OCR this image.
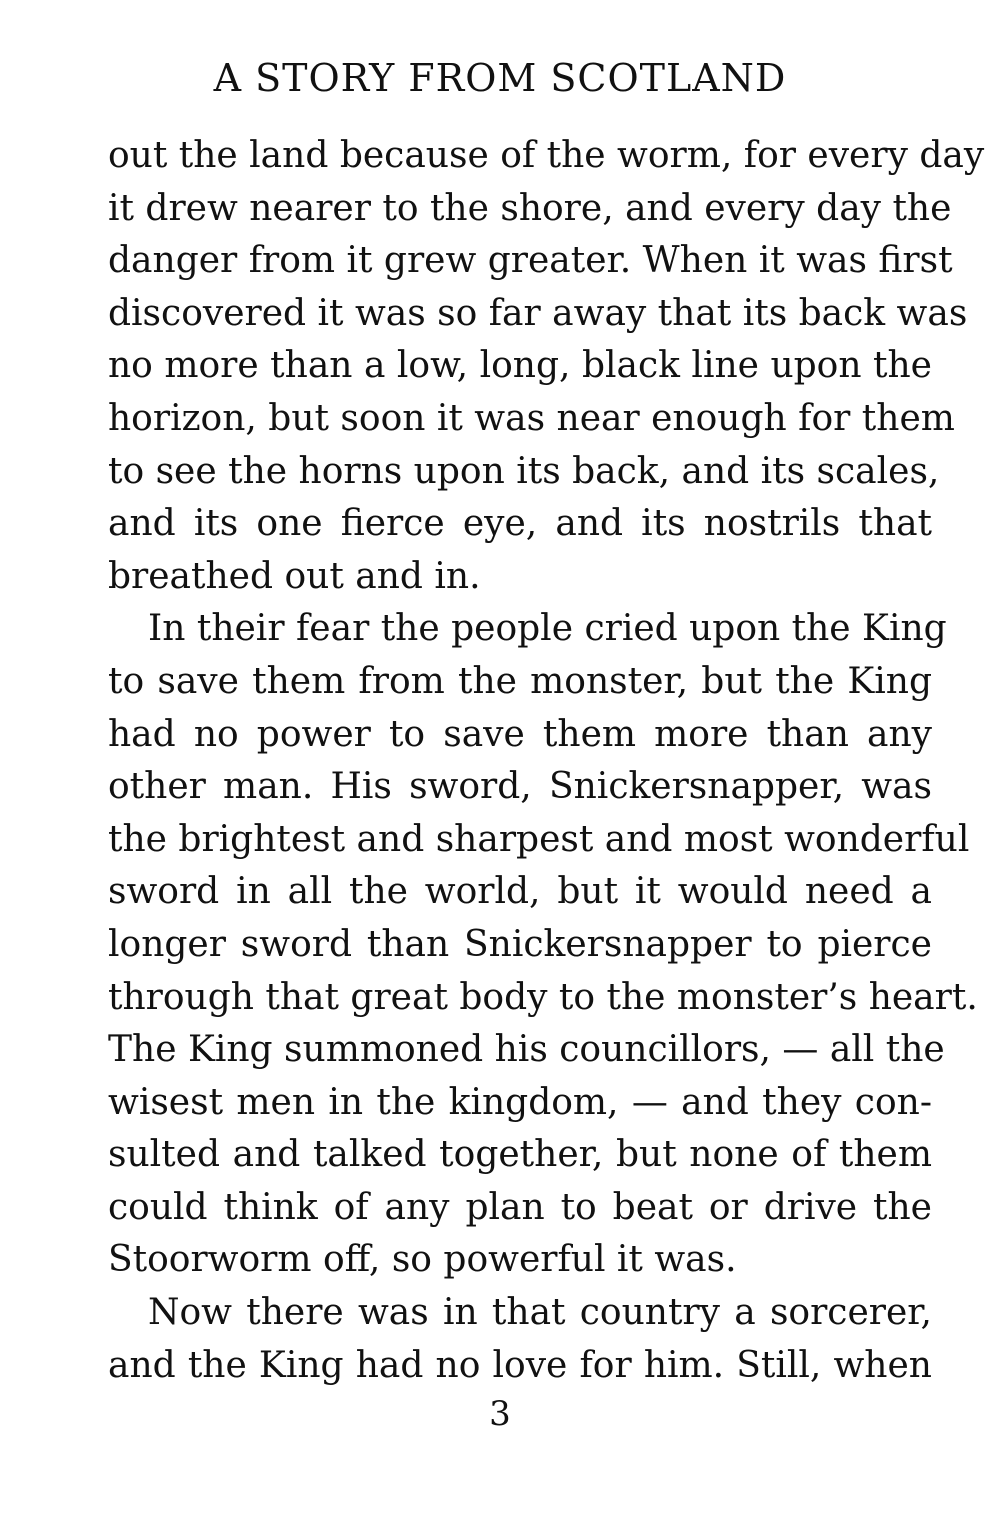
A STORY FROM SCOTLAND
out the land because of the worm, for every day
it drew nearer to the shore, and every day the
danger from it grew greater. When it was first
discovered it was so far away that its back was
no more than a low, long, black line upon the
horizon, but soon it was near enough for them
to see the horns upon its back, and its scales,
and its one fierce eye, and its nostrils that
breathed out and in.
In their fear the people cried upon the King
to save them from the monster, but the King
had no power to save them more than any
other man. His sword, Snickersnapper, was
the brightest and sharpest and most wonderful
sword in all the world, but it would need a
longer sword than Snickersnapper to pierce
through that great body to the monster’s heart.
The King summoned his councillors, — all the
wisest men in the kingdom, — and they con-
sulted and talked together, but none of them
could think of any plan to beat or drive the
Stoorworm off, so powerful it was.
Now there was in that country a sorcerer,
and the King had no love for him. Still, when
3
